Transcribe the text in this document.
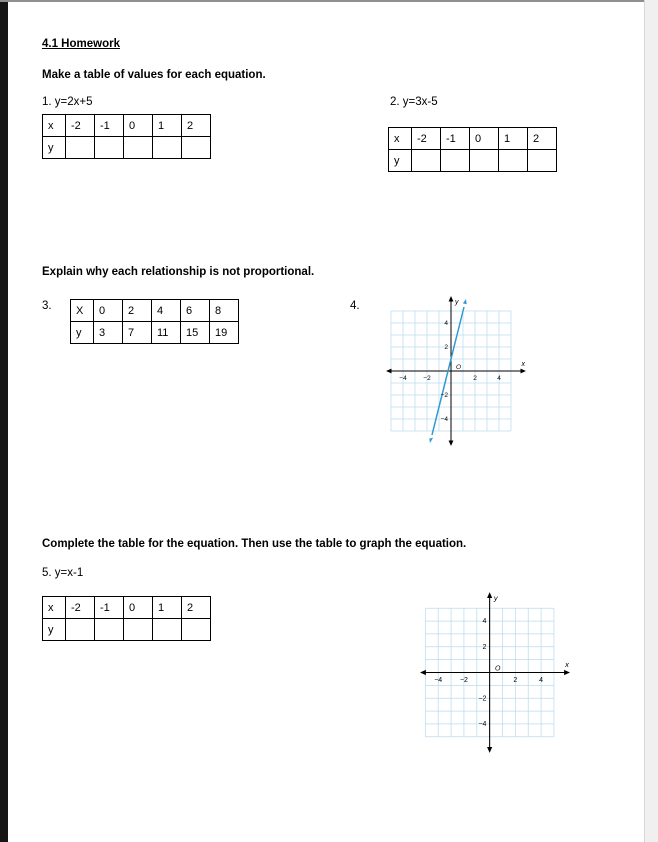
4.1 Homework
Make a table of values for each equation.
1. y=2x+5	2. y=3x-5
x	-2	-1	0	1	2
y					
x	-2	-1	0	1	2
y					
Explain why each relationship is not proportional.
3. X	0	2	4	6	8
y	3	7	11	15	19
4.
−4	−2	2	4
4
2
−2
−4
O	x
y
Complete the table for the equation. Then use the table to graph the equation.
5. y=x-1
x	-2	-1	0	1	2
y					
−4	−2	2	4
4
2
−2
−4
O	x
y
